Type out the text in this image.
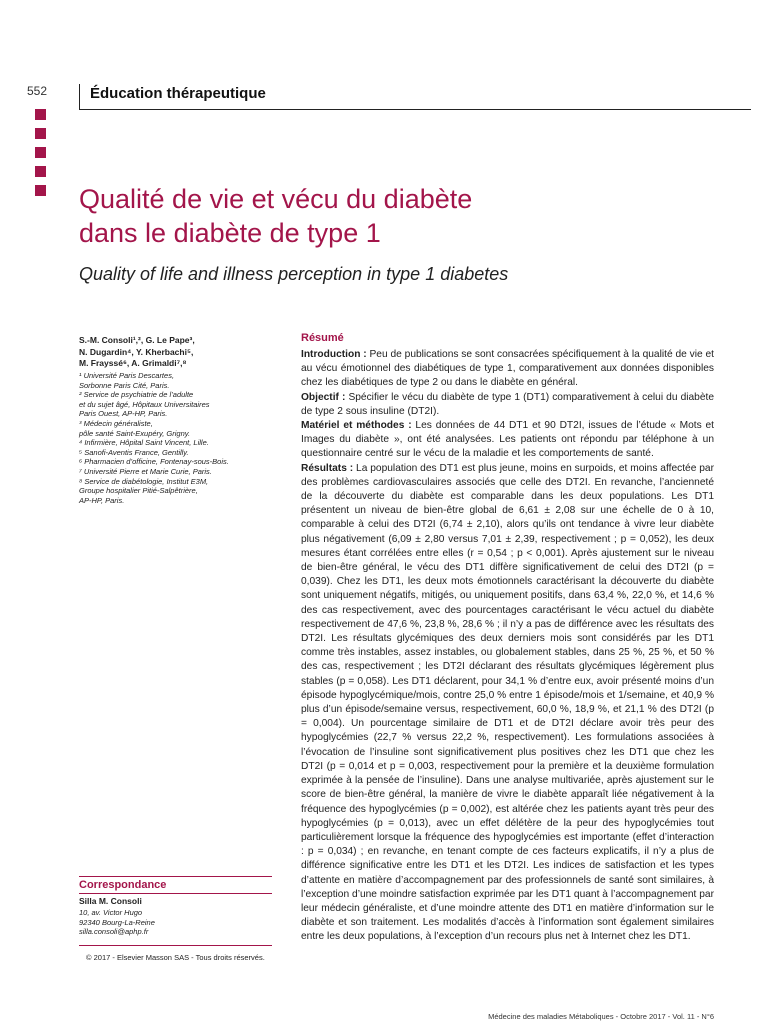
552	Éducation thérapeutique
Qualité de vie et vécu du diabète
dans le diabète de type 1
Quality of life and illness perception in type 1 diabetes
S.-M. Consoli¹,², G. Le Pape³,
N. Dugardin⁴, Y. Kherbachi⁵,
M. Frayssé⁶, A. Grimaldi⁷,⁸
¹ Université Paris Descartes,
Sorbonne Paris Cité, Paris.
² Service de psychiatrie de l’adulte
et du sujet âgé, Hôpitaux Universitaires
Paris Ouest, AP-HP, Paris.
³ Médecin généraliste,
pôle santé Saint-Exupéry, Grigny.
⁴ Infirmière, Hôpital Saint Vincent, Lille.
⁵ Sanofi-Aventis France, Gentilly.
⁶ Pharmacien d’officine, Fontenay-sous-Bois.
⁷ Université Pierre et Marie Curie, Paris.
⁸ Service de diabétologie, Institut E3M,
Groupe hospitalier Pitié-Salpêtrière,
AP-HP, Paris.
Correspondance
Silla M. Consoli
10, av. Victor Hugo
92340 Bourg-La-Reine
silla.consoli@aphp.fr
© 2017 - Elsevier Masson SAS - Tous droits réservés.
Résumé

Introduction : Peu de publications se sont consacrées spécifiquement à la qualité de vie et au vécu émotionnel des diabétiques de type 1, comparativement aux données disponibles chez les diabétiques de type 2 ou dans le diabète en général.

Objectif : Spécifier le vécu du diabète de type 1 (DT1) comparativement à celui du diabète de type 2 sous insuline (DT2I).

Matériel et méthodes : Les données de 44 DT1 et 90 DT2I, issues de l’étude « Mots et Images du diabète », ont été analysées. Les patients ont répondu par téléphone à un questionnaire centré sur le vécu de la maladie et les comportements de santé.

Résultats : La population des DT1 est plus jeune, moins en surpoids, et moins affectée par des problèmes cardiovasculaires associés que celle des DT2I. En revanche, l’ancienneté de la découverte du diabète est comparable dans les deux populations. Les DT1 présentent un niveau de bien-être global de 6,61 ± 2,08 sur une échelle de 0 à 10, comparable à celui des DT2I (6,74 ± 2,10), alors qu’ils ont tendance à vivre leur diabète plus négativement (6,09 ± 2,80 versus 7,01 ± 2,39, respectivement ; p = 0,052), les deux mesures étant corrélées entre elles (r = 0,54 ; p < 0,001). Après ajustement sur le niveau de bien-être général, le vécu des DT1 diffère significativement de celui des DT2I (p = 0,039). Chez les DT1, les deux mots émotionnels caractérisant la découverte du diabète sont uniquement négatifs, mitigés, ou uniquement positifs, dans 63,4 %, 22,0 %, et 14,6 % des cas respectivement, avec des pourcentages caractérisant le vécu actuel du diabète respectivement de 47,6 %, 23,8 %, 28,6 % ; il n’y a pas de différence avec les résultats des DT2I. Les résultats glycémiques des deux derniers mois sont considérés par les DT1 comme très instables, assez instables, ou globalement stables, dans 25 %, 25 %, et 50 % des cas, respectivement ; les DT2I déclarant des résultats glycémiques légèrement plus stables (p = 0,058). Les DT1 déclarent, pour 34,1 % d’entre eux, avoir présenté moins d’un épisode hypoglycémique/mois, contre 25,0 % entre 1 épisode/mois et 1/semaine, et 40,9 % plus d’un épisode/semaine versus, respectivement, 60,0 %, 18,9 %, et 21,1 % des DT2I (p = 0,004). Un pourcentage similaire de DT1 et de DT2I déclare avoir très peur des hypoglycémies (22,7 % versus 22,2 %, respectivement). Les formulations associées à l’évocation de l’insuline sont significativement plus positives chez les DT1 que chez les DT2I (p = 0,014 et p = 0,003, respectivement pour la première et la deuxième formulation exprimée à la pensée de l’insuline). Dans une analyse multivariée, après ajustement sur le score de bien-être général, la manière de vivre le diabète apparaît liée négativement à la fréquence des hypoglycémies (p = 0,002), est altérée chez les patients ayant très peur des hypoglycémies (p = 0,013), avec un effet délétère de la peur des hypoglycémies tout particulièrement lorsque la fréquence des hypoglycémies est importante (effet d’interaction : p = 0,034) ; en revanche, en tenant compte de ces facteurs explicatifs, il n’y a plus de différence significative entre les DT1 et les DT2I. Les indices de satisfaction et les types d’attente en matière d’accompagnement par des professionnels de santé sont similaires, à l’exception d’une moindre satisfaction exprimée par les DT1 quant à l’accompagnement par leur médecin généraliste, et d’une moindre attente des DT1 en matière d’information sur le diabète et son traitement. Les modalités d’accès à l’information sont également similaires entre les deux populations, à l’exception d’un recours plus net à Internet chez les DT1.

Médecine des maladies Métaboliques - Octobre 2017 - Vol. 11 - N°6
